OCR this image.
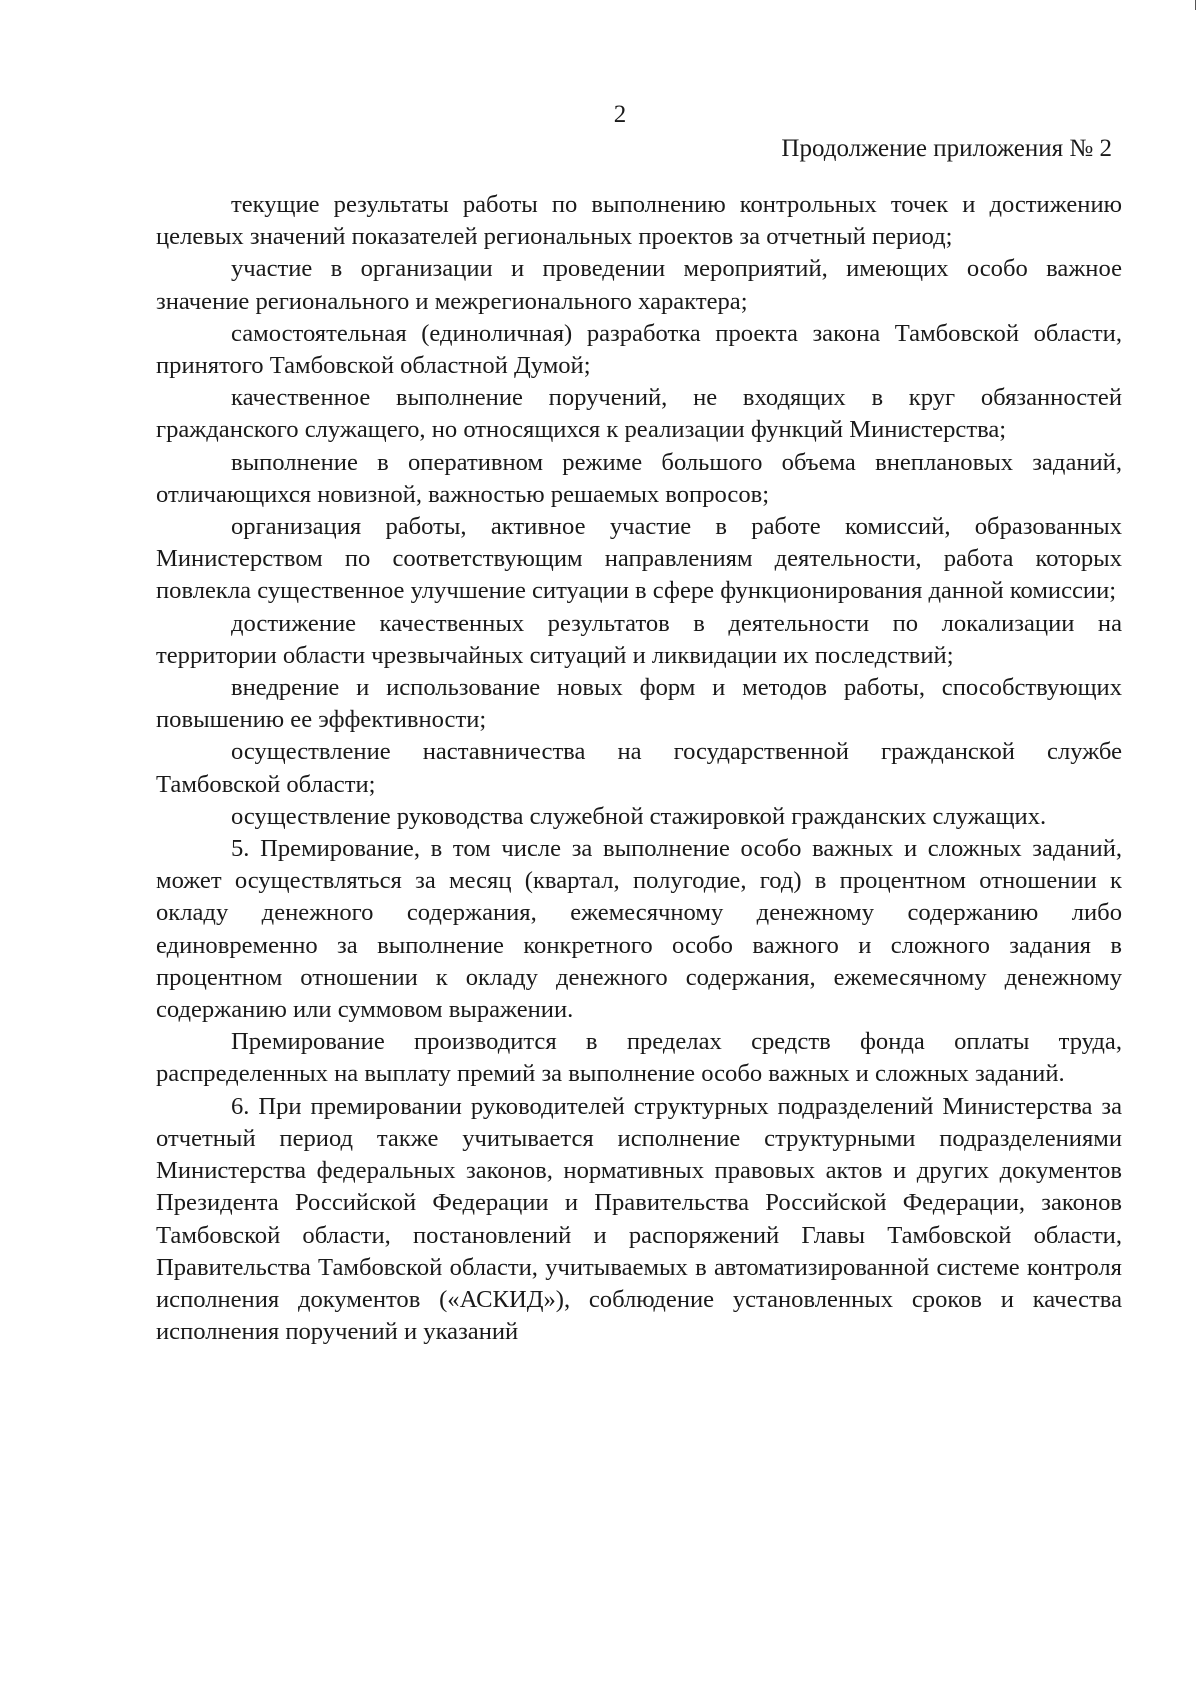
2
Продолжение приложения № 2

текущие результаты работы по выполнению контрольных точек и достижению целевых значений показателей региональных проектов за отчетный период;

участие в организации и проведении мероприятий, имеющих особо важное значение регионального и межрегионального характера;

самостоятельная (единоличная) разработка проекта закона Тамбовской области, принятого Тамбовской областной Думой;

качественное выполнение поручений, не входящих в круг обязанностей гражданского служащего, но относящихся к реализации функций Министерства;

выполнение в оперативном режиме большого объема внеплановых заданий, отличающихся новизной, важностью решаемых вопросов;

организация работы, активное участие в работе комиссий, образованных Министерством по соответствующим направлениям деятельности, работа которых повлекла существенное улучшение ситуации в сфере функционирования данной комиссии;

достижение качественных результатов в деятельности по локализации на территории области чрезвычайных ситуаций и ликвидации их последствий;

внедрение и использование новых форм и методов работы, способствующих повышению ее эффективности;

осуществление наставничества на государственной гражданской службе Тамбовской области;

осуществление руководства служебной стажировкой гражданских служащих.

5. Премирование, в том числе за выполнение особо важных и сложных заданий, может осуществляться за месяц (квартал, полугодие, год) в процентном отношении к окладу денежного содержания, ежемесячному денежному содержанию либо единовременно за выполнение конкретного особо важного и сложного задания в процентном отношении к окладу денежного содержания, ежемесячному денежному содержанию или суммовом выражении.

Премирование производится в пределах средств фонда оплаты труда, распределенных на выплату премий за выполнение особо важных и сложных заданий.

6. При премировании руководителей структурных подразделений Министерства за отчетный период также учитывается исполнение структурными подразделениями Министерства федеральных законов, нормативных правовых актов и других документов Президента Российской Федерации и Правительства Российской Федерации, законов Тамбовской области, постановлений и распоряжений Главы Тамбовской области, Правительства Тамбовской области, учитываемых в автоматизированной системе контроля исполнения документов («АСКИД»), соблюдение установленных сроков и качества исполнения поручений и указаний
